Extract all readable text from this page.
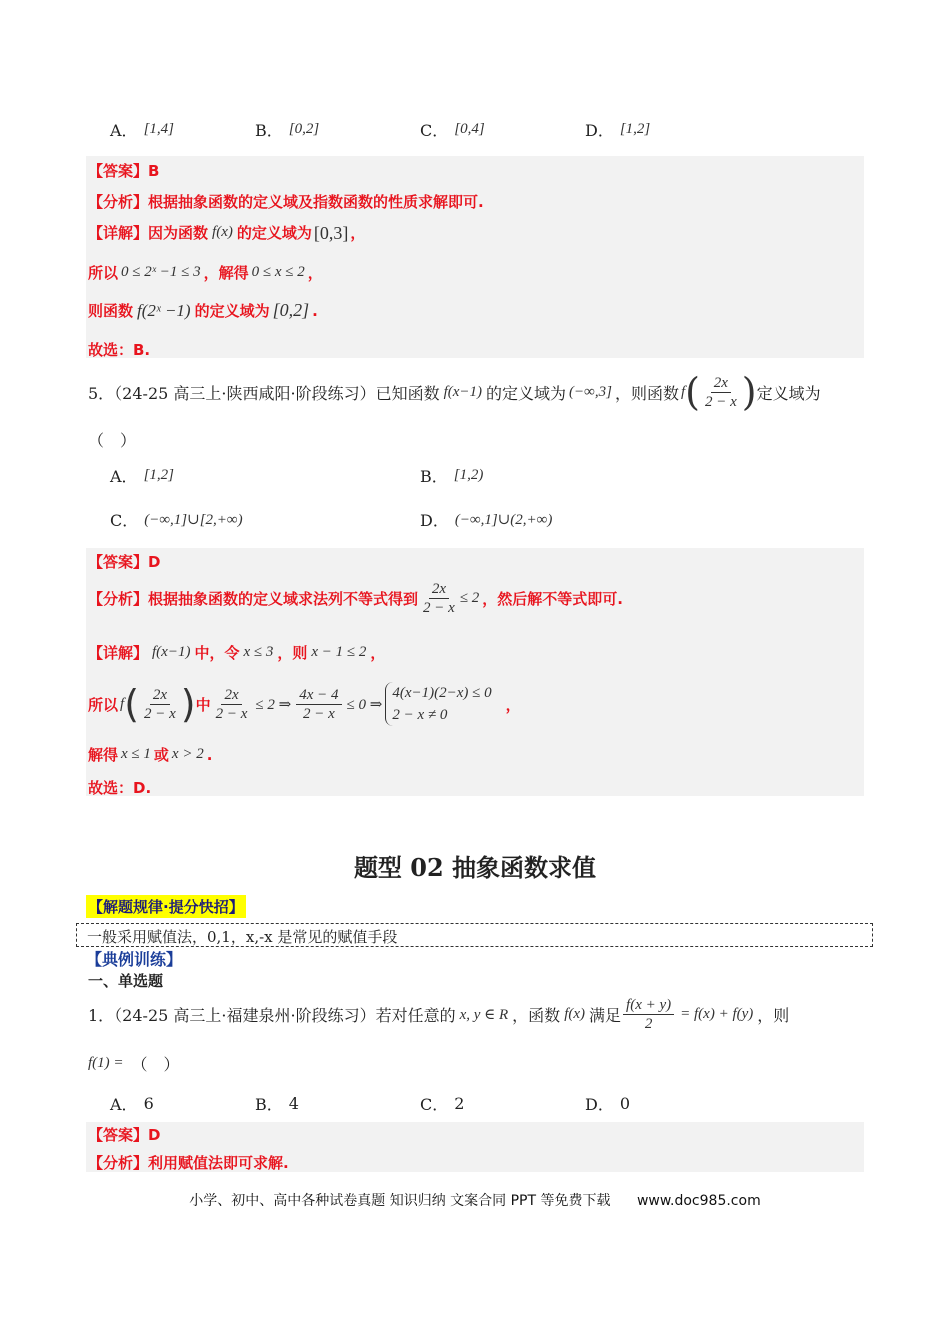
A． [1,4]	B． [0,2]	C． [0,4]	D． [1,2]
【答案】 B
【分析】 根据抽象函数的定义域及指数函数的性质求解即可.
【详解】 因为函数 f(x) 的定义域为 [0,3] ，
所以 0 ≤ 2ˣ −1 ≤ 3 ，解得 0 ≤ x ≤ 2 ，
则函数 f(2ˣ −1) 的定义域为 [0,2] .
故选：B.
5．（24-25 高三上·陕西咸阳·阶段练习）已知函数 f(x−1) 的定义域为 (−∞,3] ，则函数 f ( $\frac{2x}{2 - x}$ ) 定义域为
（　）
A． [1,2]	B． [1,2)
C． (−∞,1]∪[2,+∞)	D． (−∞,1]∪(2,+∞)
【答案】 D
【分析】 根据抽象函数的定义域求法列不等式得到 $\frac{2x}{2 - x} \le 2$ ，然后解不等式即可.
【详解】 f(x−1) 中，令 x ≤ 3 ，则 x − 1 ≤ 2 ，
所以 f ( $\frac{2x}{2 - x}$ ) 中 $\frac{2x}{2 - x} \le 2$ ⇒ $\frac{4x - 4}{2 - x} \le 0$ ⇒
4(x−1)(2−x) ≤ 0
2 − x ≠ 0
，
解得 x ≤ 1 或 x > 2 .
故选：D.
题型 02 抽象函数求值
【解题规律·提分快招】
一般采用赋值法，0,1，x,-x 是常见的赋值手段
【典例训练】
一、单选题
1．（24-25 高三上·福建泉州·阶段练习）若对任意的 x, y ∈ R ，函数 f(x) 满足 $\frac{f(x + y)}{2} = f(x) + f(y)$ ，则
f(1) = （　）
A． 6	B． 4	C． 2	D． 0
【答案】 D
【分析】 利用赋值法即可求解.
小学、初中、高中各种试卷真题 知识归纳 文案合同 PPT 等免费下载 www.doc985.com
